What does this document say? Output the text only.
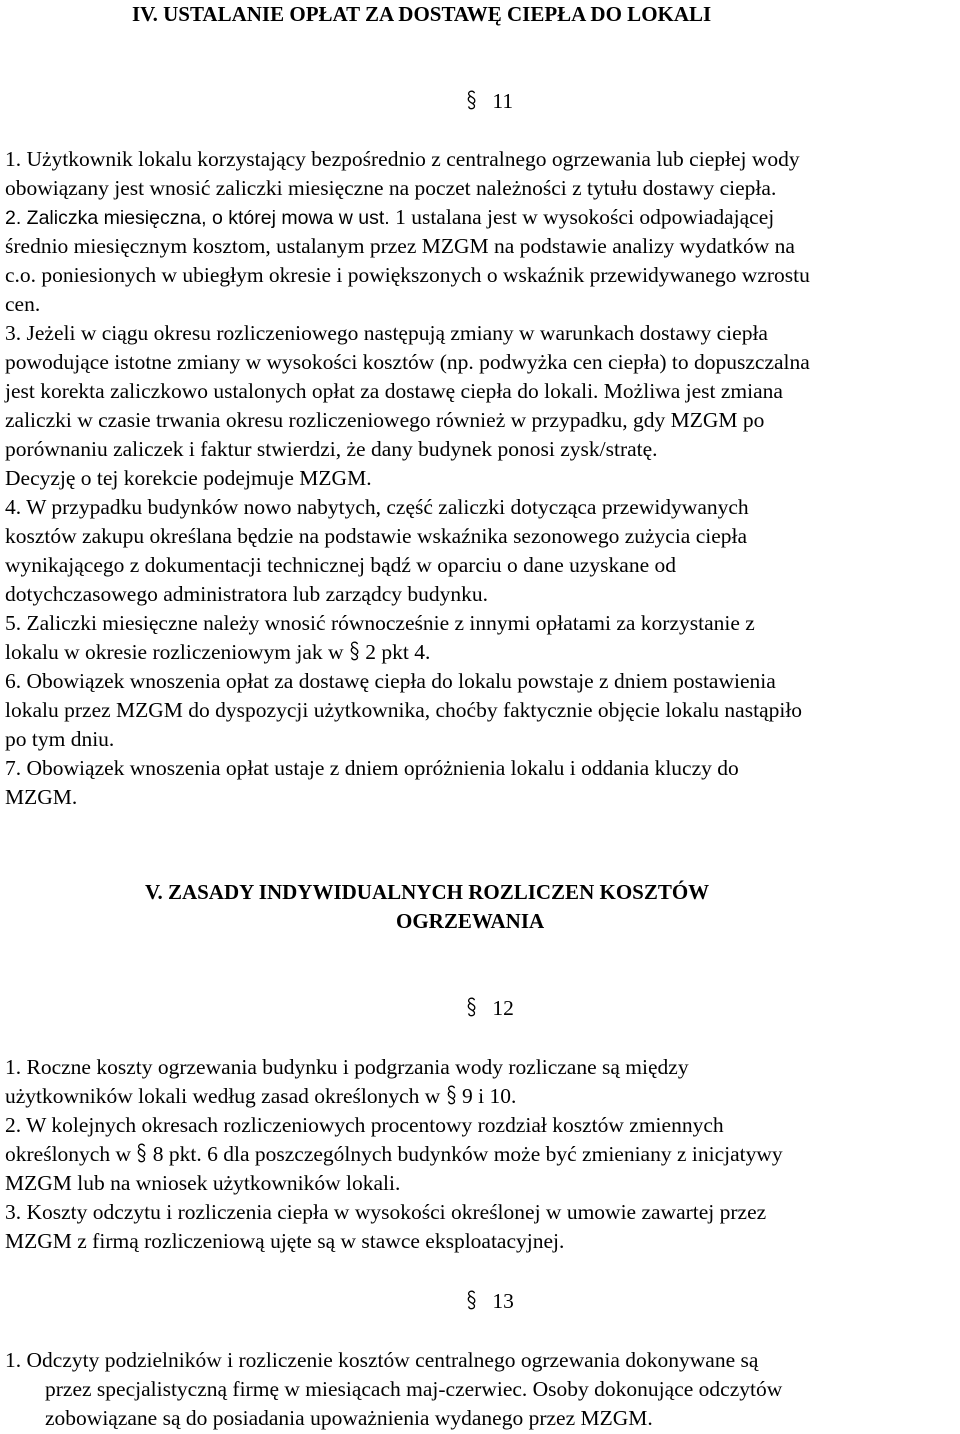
IV. USTALANIE OPŁAT ZA DOSTAWĘ CIEPŁA DO LOKALI
11
1. Użytkownik lokalu korzystający bezpośrednio z centralnego ogrzewania lub ciepłej wody
obowiązany jest wnosić zaliczki miesięczne na poczet należności z tytułu dostawy ciepła.
2. Zaliczka miesięczna, o której mowa w ust. 1 ustalana jest w wysokości odpowiadającej
średnio miesięcznym kosztom, ustalanym przez MZGM na podstawie analizy wydatków na
c.o. poniesionych w ubiegłym okresie i powiększonych o wskaźnik przewidywanego wzrostu
cen.
3. Jeżeli w ciągu okresu rozliczeniowego następują zmiany w warunkach dostawy ciepła
powodujące istotne zmiany w wysokości kosztów (np. podwyżka cen ciepła) to dopuszczalna
jest korekta zaliczkowo ustalonych opłat za dostawę ciepła do lokali. Możliwa jest zmiana
zaliczki w czasie trwania okresu rozliczeniowego również w przypadku, gdy MZGM po
porównaniu zaliczek i faktur stwierdzi, że dany budynek ponosi zysk/stratę.
Decyzję o tej korekcie podejmuje MZGM.
4. W przypadku budynków nowo nabytych, część zaliczki dotycząca przewidywanych
kosztów zakupu określana będzie na podstawie wskaźnika sezonowego zużycia ciepła
wynikającego z dokumentacji technicznej bądź w oparciu o dane uzyskane od
dotychczasowego administratora lub zarządcy budynku.
5. Zaliczki miesięczne należy wnosić równocześnie z innymi opłatami za korzystanie z
lokalu w okresie rozliczeniowym jak w 2 pkt 4.
6. Obowiązek wnoszenia opłat za dostawę ciepła do lokalu powstaje z dniem postawienia
lokalu przez MZGM do dyspozycji użytkownika, choćby faktycznie objęcie lokalu nastąpiło
po tym dniu.
7. Obowiązek wnoszenia opłat ustaje z dniem opróżnienia lokalu i oddania kluczy do
MZGM.
V. ZASADY INDYWIDUALNYCH ROZLICZEN KOSZTÓW
OGRZEWANIA
12
1. Roczne koszty ogrzewania budynku i podgrzania wody rozliczane są między
użytkowników lokali według zasad określonych w 9 i 10.
2. W kolejnych okresach rozliczeniowych procentowy rozdział kosztów zmiennych
określonych w 8 pkt. 6 dla poszczególnych budynków może być zmieniany z inicjatywy
MZGM lub na wniosek użytkowników lokali.
3. Koszty odczytu i rozliczenia ciepła w wysokości określonej w umowie zawartej przez
MZGM z firmą rozliczeniową ujęte są w stawce eksploatacyjnej.
13
1. Odczyty podzielników i rozliczenie kosztów centralnego ogrzewania dokonywane są
przez specjalistyczną firmę w miesiącach maj-czerwiec. Osoby dokonujące odczytów
zobowiązane są do posiadania upoważnienia wydanego przez MZGM.
